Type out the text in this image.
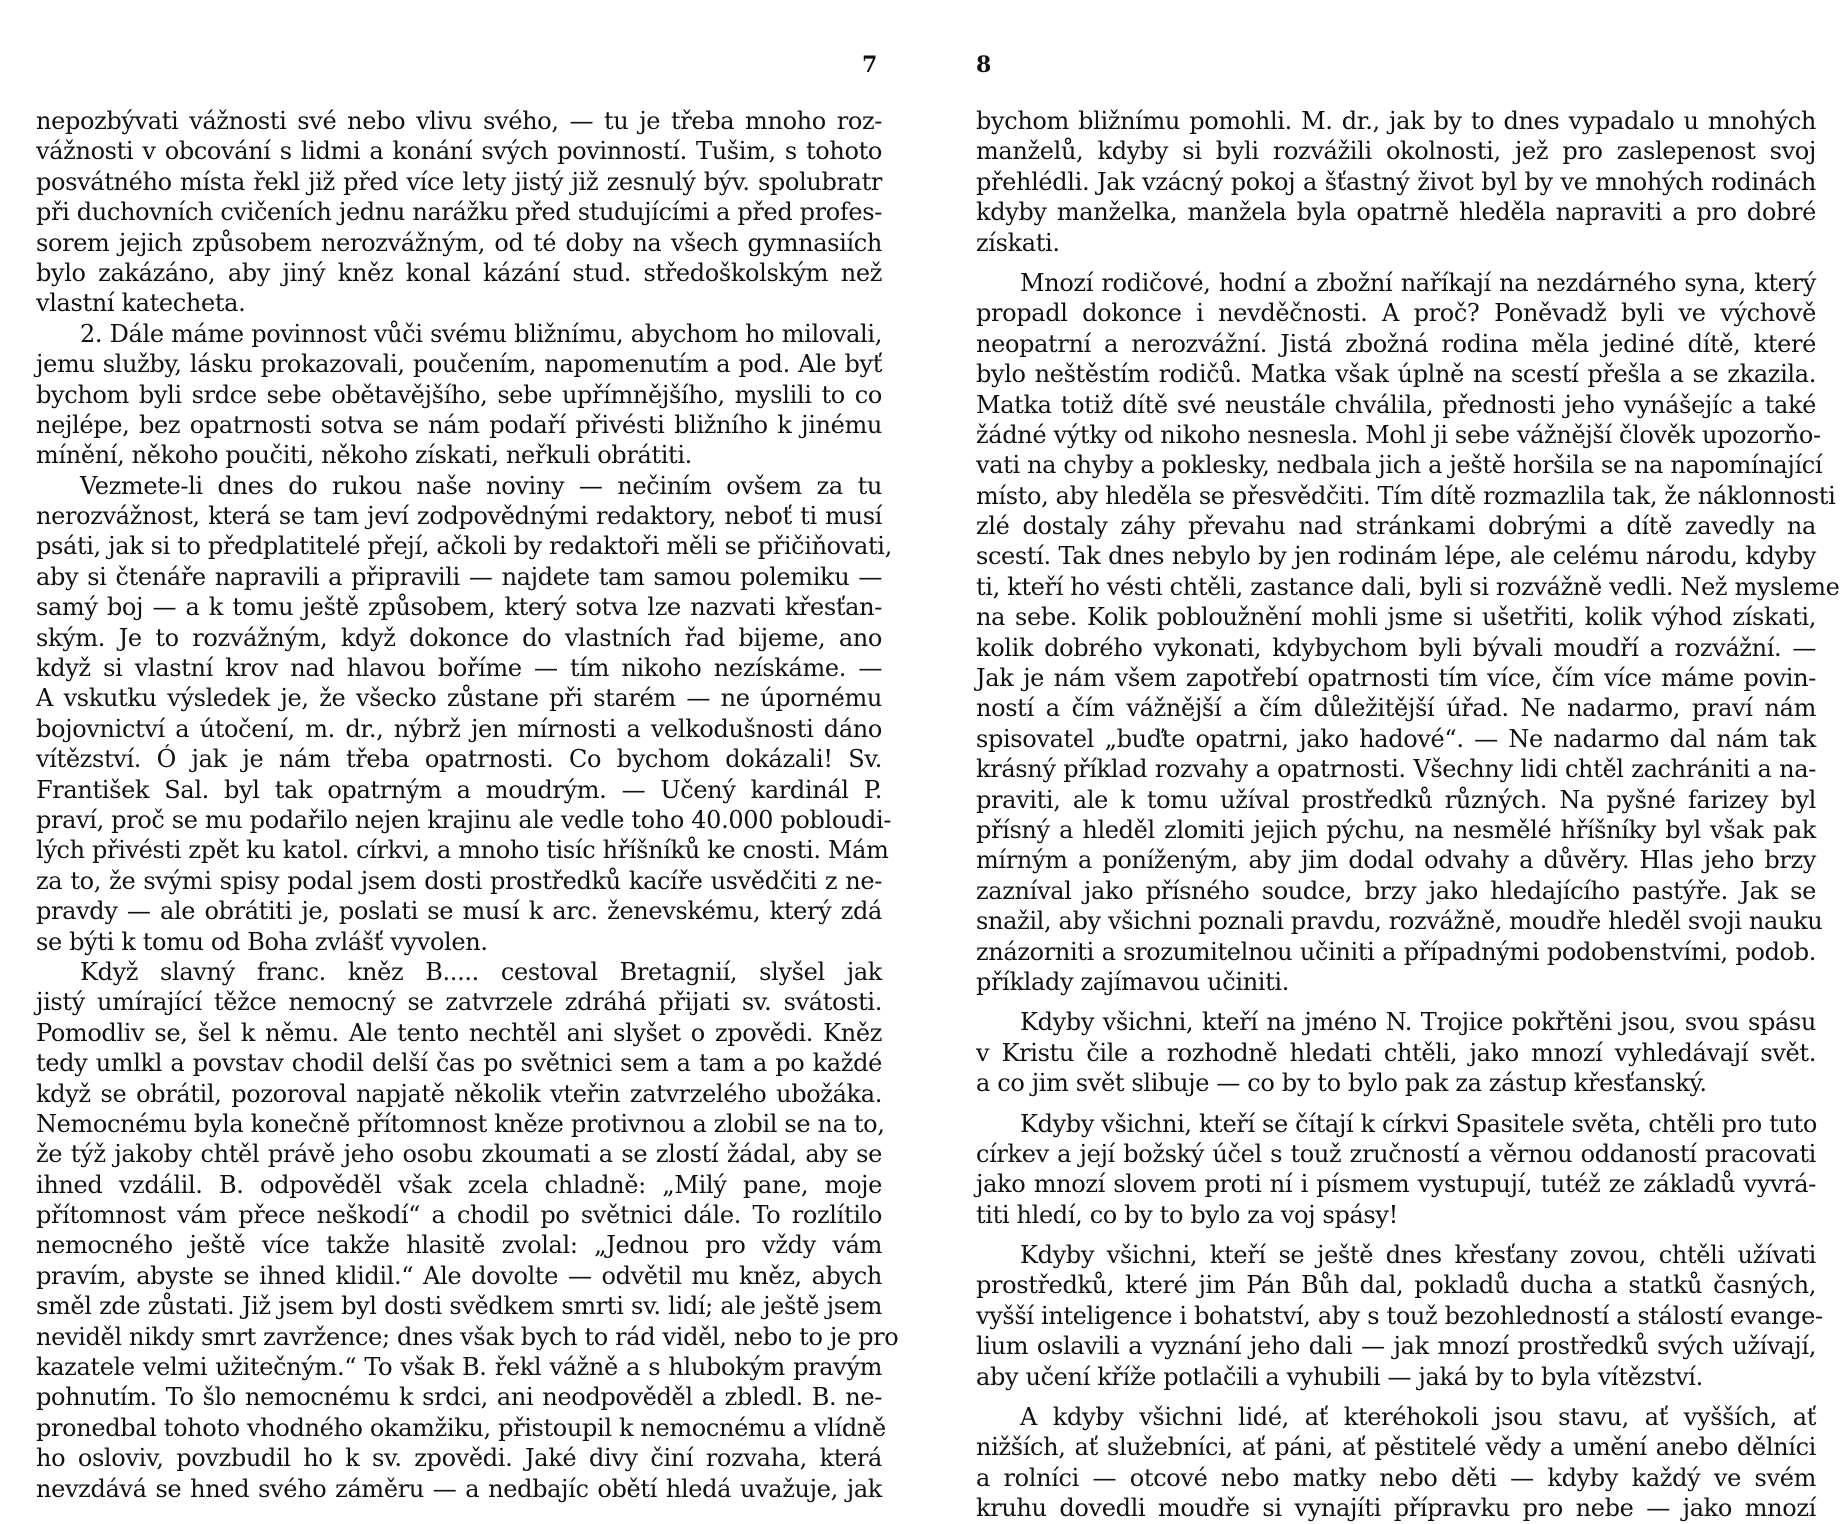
7
nepozbývati vážnosti své nebo vlivu svého, — tu je třeba mnoho roz-
vážnosti v obcování s lidmi a konání svých povinností. Tušim, s tohoto
posvátného místa řekl již před více lety jistý již zesnulý býv. spolubratr
při duchovních cvičeních jednu narážku před studujícími a před profes-
sorem jejich způsobem nerozvážným, od té doby na všech gymnasiích
bylo zakázáno, aby jiný kněz konal kázání stud. středoškolským než
vlastní katecheta.
2. Dále máme povinnost vůči svému bližnímu, abychom ho milovali,
jemu služby, lásku prokazovali, poučením, napomenutím a pod. Ale byť
bychom byli srdce sebe obětavějšího, sebe upřímnějšího, myslili to co
nejlépe, bez opatrnosti sotva se nám podaří přivésti bližního k jinému
mínění, někoho poučiti, někoho získati, neřkuli obrátiti.
Vezmete-li dnes do rukou naše noviny — nečiním ovšem za tu
nerozvážnost, která se tam jeví zodpovědnými redaktory, neboť ti musí
psáti, jak si to předplatitelé přejí, ačkoli by redaktoři měli se přičiňovati,
aby si čtenáře napravili a připravili — najdete tam samou polemiku —
samý boj — a k tomu ještě způsobem, který sotva lze nazvati křesťan-
ským. Je to rozvážným, když dokonce do vlastních řad bijeme, ano
když si vlastní krov nad hlavou boříme — tím nikoho nezískáme. —
A vskutku výsledek je, že všecko zůstane při starém — ne úpornému
bojovnictví a útočení, m. dr., nýbrž jen mírnosti a velkodušnosti dáno
vítězství. Ó jak je nám třeba opatrnosti. Co bychom dokázali! Sv.
František Sal. byl tak opatrným a moudrým. — Učený kardinál P.
praví, proč se mu podařilo nejen krajinu ale vedle toho 40.000 pobloudi-
lých přivésti zpět ku katol. církvi, a mnoho tisíc hříšníků ke cnosti. Mám
za to, že svými spisy podal jsem dosti prostředků kacíře usvědčiti z ne-
pravdy — ale obrátiti je, poslati se musí k arc. ženevskému, který zdá
se býti k tomu od Boha zvlášť vyvolen.
Když slavný franc. kněz B..... cestoval Bretagnií, slyšel jak
jistý umírající těžce nemocný se zatvrzele zdráhá přijati sv. svátosti.
Pomodliv se, šel k němu. Ale tento nechtěl ani slyšet o zpovědi. Kněz
tedy umlkl a povstav chodil delší čas po světnici sem a tam a po každé
když se obrátil, pozoroval napjatě několik vteřin zatvrzelého ubožáka.
Nemocnému byla konečně přítomnost kněze protivnou a zlobil se na to,
že týž jakoby chtěl právě jeho osobu zkoumati a se zlostí žádal, aby se
ihned vzdálil. B. odpověděl však zcela chladně: „Milý pane, moje
přítomnost vám přece neškodí“ a chodil po světnici dále. To rozlítilo
nemocného ještě více takže hlasitě zvolal: „Jednou pro vždy vám
pravím, abyste se ihned klidil.“ Ale dovolte — odvětil mu kněz, abych
směl zde zůstati. Již jsem byl dosti svědkem smrti sv. lidí; ale ještě jsem
neviděl nikdy smrt zavržence; dnes však bych to rád viděl, nebo to je pro
kazatele velmi užitečným.“ To však B. řekl vážně a s hlubokým pravým
pohnutím. To šlo nemocnému k srdci, ani neodpověděl a zbledl. B. ne-
pronedbal tohoto vhodného okamžiku, přistoupil k nemocnému a vlídně
ho osloviv, povzbudil ho k sv. zpovědi. Jaké divy činí rozvaha, která
nevzdává se hned svého záměru — a nedbajíc obětí hledá uvažuje, jak
8
bychom bližnímu pomohli. M. dr., jak by to dnes vypadalo u mnohých
manželů, kdyby si byli rozvážili okolnosti, jež pro zaslepenost svoj
přehlédli. Jak vzácný pokoj a šťastný život byl by ve mnohých rodinách
kdyby manželka, manžela byla opatrně hleděla napraviti a pro dobré
získati.
Mnozí rodičové, hodní a zbožní naříkají na nezdárného syna, který
propadl dokonce i nevděčnosti. A proč? Poněvadž byli ve výchově
neopatrní a nerozvážní. Jistá zbožná rodina měla jediné dítě, které
bylo neštěstím rodičů. Matka však úplně na scestí přešla a se zkazila.
Matka totiž dítě své neustále chválila, přednosti jeho vynášejíc a také
žádné výtky od nikoho nesnesla. Mohl ji sebe vážnější člověk upozorňo-
vati na chyby a poklesky, nedbala jich a ještě horšila se na napomínající
místo, aby hleděla se přesvědčiti. Tím dítě rozmazlila tak, že náklonnosti
zlé dostaly záhy převahu nad stránkami dobrými a dítě zavedly na
scestí. Tak dnes nebylo by jen rodinám lépe, ale celému národu, kdyby
ti, kteří ho vésti chtěli, zastance dali, byli si rozvážně vedli. Než mysleme
na sebe. Kolik pobloužnění mohli jsme si ušetřiti, kolik výhod získati,
kolik dobrého vykonati, kdybychom byli bývali moudří a rozvážní. —
Jak je nám všem zapotřebí opatrnosti tím více, čím více máme povin-
ností a čím vážnější a čím důležitější úřad. Ne nadarmo, praví nám
spisovatel „buďte opatrni, jako hadové“. — Ne nadarmo dal nám tak
krásný příklad rozvahy a opatrnosti. Všechny lidi chtěl zachrániti a na-
praviti, ale k tomu užíval prostředků různých. Na pyšné farizey byl
přísný a hleděl zlomiti jejich pýchu, na nesmělé hříšníky byl však pak
mírným a poníženým, aby jim dodal odvahy a důvěry. Hlas jeho brzy
zazníval jako přísného soudce, brzy jako hledajícího pastýře. Jak se
snažil, aby všichni poznali pravdu, rozvážně, moudře hleděl svoji nauku
znázorniti a srozumitelnou učiniti a případnými podobenstvími, podob.
příklady zajímavou učiniti.
Kdyby všichni, kteří na jméno N. Trojice pokřtěni jsou, svou spásu
v Kristu čile a rozhodně hledati chtěli, jako mnozí vyhledávají svět.
a co jim svět slibuje — co by to bylo pak za zástup křesťanský.
Kdyby všichni, kteří se čítají k církvi Spasitele světa, chtěli pro tuto
církev a její božský účel s touž zručností a věrnou oddaností pracovati
jako mnozí slovem proti ní i písmem vystupují, tutéž ze základů vyvrá-
titi hledí, co by to bylo za voj spásy!
Kdyby všichni, kteří se ještě dnes křesťany zovou, chtěli užívati
prostředků, které jim Pán Bůh dal, pokladů ducha a statků časných,
vyšší inteligence i bohatství, aby s touž bezohledností a stálostí evange-
lium oslavili a vyznání jeho dali — jak mnozí prostředků svých užívají,
aby učení kříže potlačili a vyhubili — jaká by to byla vítězství.
A kdyby všichni lidé, ať kteréhokoli jsou stavu, ať vyšších, ať
nižších, ať služebníci, ať páni, ať pěstitelé vědy a umění anebo dělníci
a rolníci — otcové nebo matky nebo děti — kdyby každý ve svém
kruhu dovedli moudře si vynajíti přípravku pro nebe — jako mnozí
